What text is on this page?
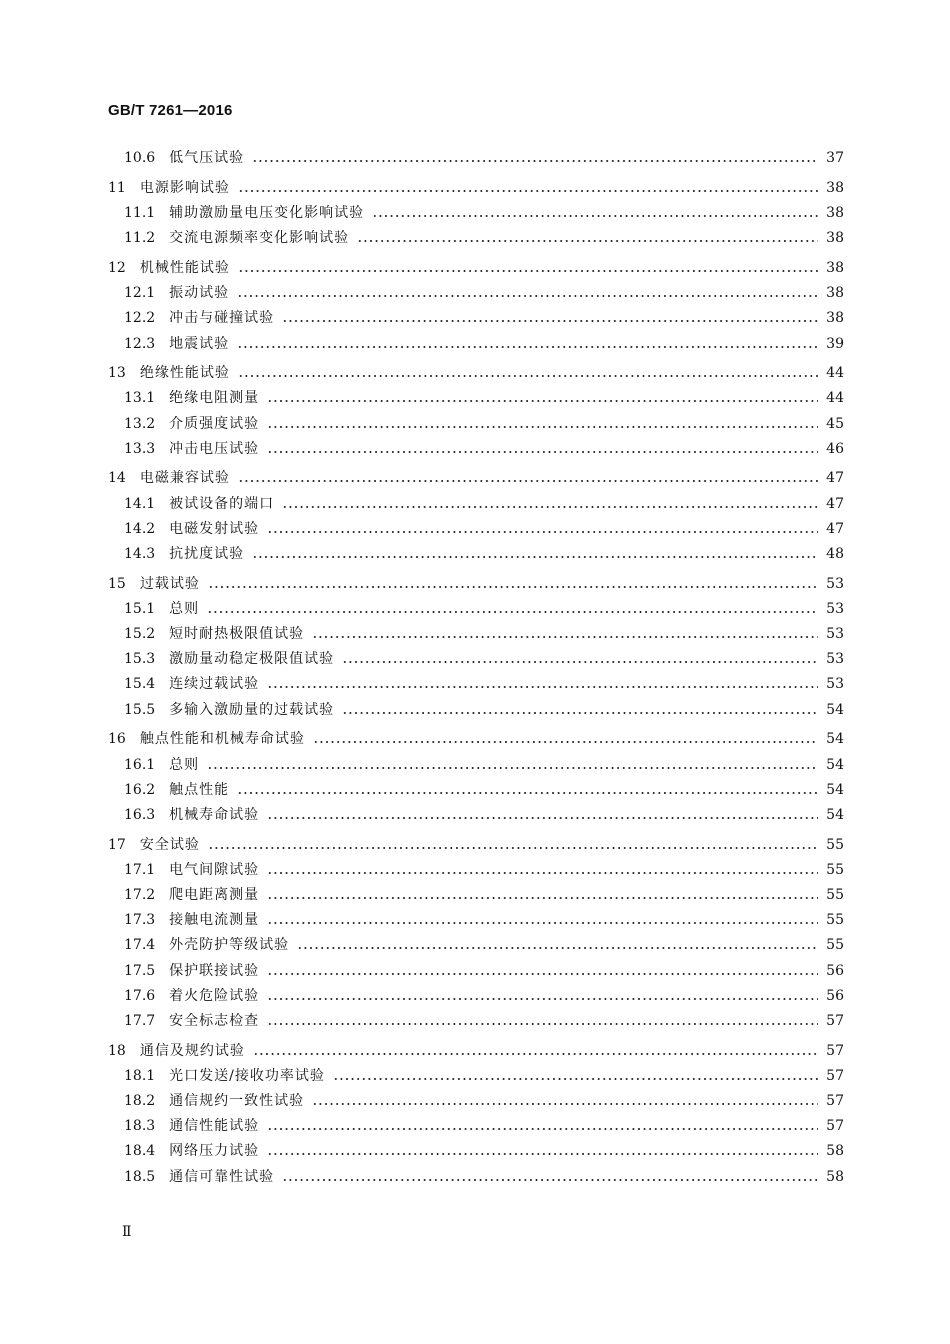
GB/T 7261—2016
10.6	低气压试验	37
11	电源影响试验	38
11.1	辅助激励量电压变化影响试验	38
11.2	交流电源频率变化影响试验	38
12	机械性能试验	38
12.1	振动试验	38
12.2	冲击与碰撞试验	38
12.3	地震试验	39
13	绝缘性能试验	44
13.1	绝缘电阻测量	44
13.2	介质强度试验	45
13.3	冲击电压试验	46
14	电磁兼容试验	47
14.1	被试设备的端口	47
14.2	电磁发射试验	47
14.3	抗扰度试验	48
15	过载试验	53
15.1	总则	53
15.2	短时耐热极限值试验	53
15.3	激励量动稳定极限值试验	53
15.4	连续过载试验	53
15.5	多输入激励量的过载试验	54
16	触点性能和机械寿命试验	54
16.1	总则	54
16.2	触点性能	54
16.3	机械寿命试验	54
17	安全试验	55
17.1	电气间隙试验	55
17.2	爬电距离测量	55
17.3	接触电流测量	55
17.4	外壳防护等级试验	55
17.5	保护联接试验	56
17.6	着火危险试验	56
17.7	安全标志检查	57
18	通信及规约试验	57
18.1	光口发送/接收功率试验	57
18.2	通信规约一致性试验	57
18.3	通信性能试验	57
18.4	网络压力试验	58
18.5	通信可靠性试验	58
Ⅱ
